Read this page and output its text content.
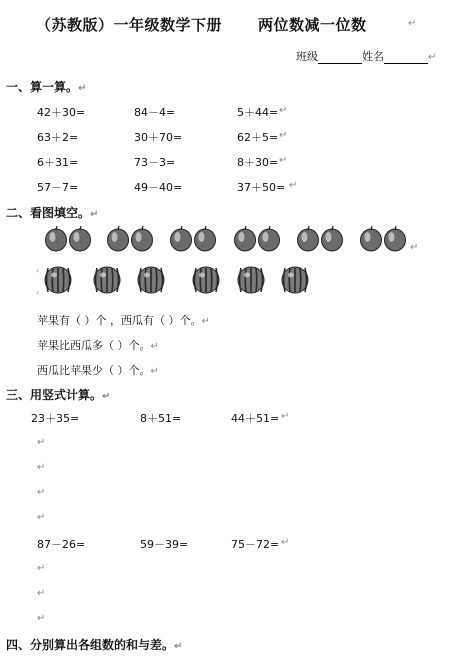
（苏教版）一年级数学下册 两位数减一位数	↵
班级	姓名	↵
一、算一算。↵
42＋30=	84－4=	5＋44= ↵
63＋2=	30＋70=	62＋5= ↵
6＋31=	73－3=	8＋30= ↵
57－7=	49－40=	37＋50= ↵
二、看图填空。↵
↵
‹
‹
苹果有（ ）个 ，西瓜有（ ）个。↵
苹果比西瓜多（ ）个。↵
西瓜比苹果少（ ）个。↵
三、用竖式计算。↵
23＋35=	8＋51=	44＋51= ↵
↵
↵
↵
↵
87－26=	59－39=	75－72= ↵
↵
↵
↵
四、分别算出各组数的和与差。↵
